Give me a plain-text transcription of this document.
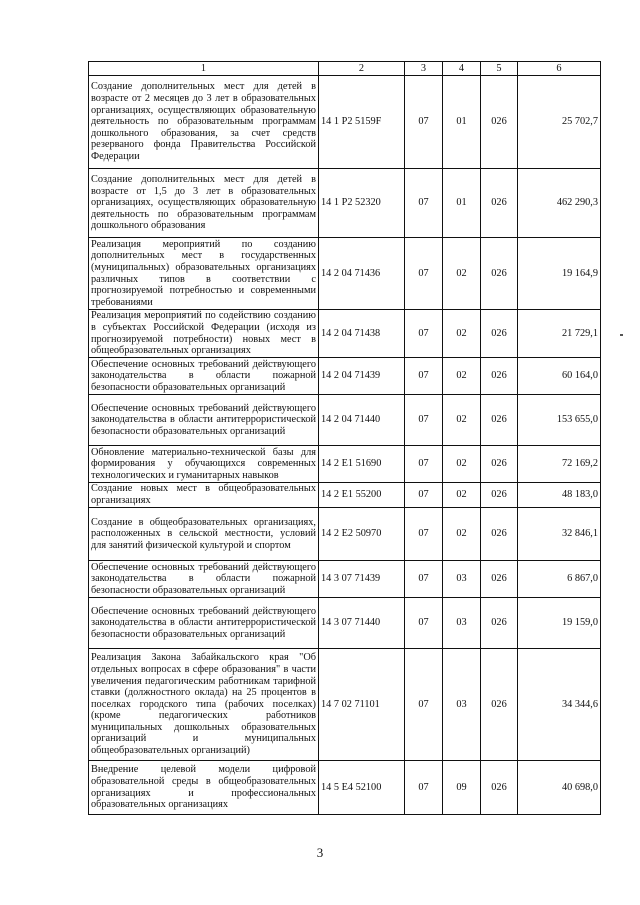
1	2	3	4	5	6
Создание дополнительных мест для детей в возрасте от 2 месяцев до 3 лет в образовательных организациях, осуществляющих образовательную деятельность по образовательным программам дошкольного образования, за счет средств резерваного фонда Правительства Российской Федерации	14 1 P2 5159F	07	01	026	25 702,7
Создание дополнительных мест для детей в возрасте от 1,5 до 3 лет в образовательных организациях, осуществляющих образовательную деятельность по образовательным программам дошкольного образования	14 1 P2 52320	07	01	026	462 290,3
Реализация мероприятий по созданию дополнительных мест в государственных (муниципальных) образовательных организациях различных типов в соответствии с прогнозируемой потребностью и современными требованиями	14 2 04 71436	07	02	026	19 164,9
Реализация мероприятий по содействию созданию в субъектах Российской Федерации (исходя из прогнозируемой потребности) новых мест в общеобразовательных организациях	14 2 04 71438	07	02	026	21 729,1
Обеспечение основных требований действующего законодательства в области пожарной безопасности образовательных организаций	14 2 04 71439	07	02	026	60 164,0
Обеспечение основных требований действующего законодательства в области антитеррористической безопасности образовательных организаций	14 2 04 71440	07	02	026	153 655,0
Обновление материально-технической базы для формирования у обучающихся современных технологических и гуманитарных навыков	14 2 E1 51690	07	02	026	72 169,2
Создание новых мест в общеобразовательных организациях	14 2 E1 55200	07	02	026	48 183,0
Создание в общеобразовательных организациях, расположенных в сельской местности, условий для занятий физической культурой и спортом	14 2 E2 50970	07	02	026	32 846,1
Обеспечение основных требований действующего законодательства в области пожарной безопасности образовательных организаций	14 3 07 71439	07	03	026	6 867,0
Обеспечение основных требований действующего законодательства в области антитеррористической безопасности образовательных организаций	14 3 07 71440	07	03	026	19 159,0
Реализация Закона Забайкальского края "Об отдельных вопросах в сфере образования" в части увеличения педагогическим работникам тарифной ставки (должностного оклада) на 25 процентов в поселках городского типа (рабочих поселках) (кроме педагогических работников муниципальных дошкольных образовательных организаций и муниципальных общеобразовательных организаций)	14 7 02 71101	07	03	026	34 344,6
Внедрение целевой модели цифровой образовательной среды в общеобразовательных организациях и профессиональных образовательных организациях	14 5 E4 52100	07	09	026	40 698,0
3
